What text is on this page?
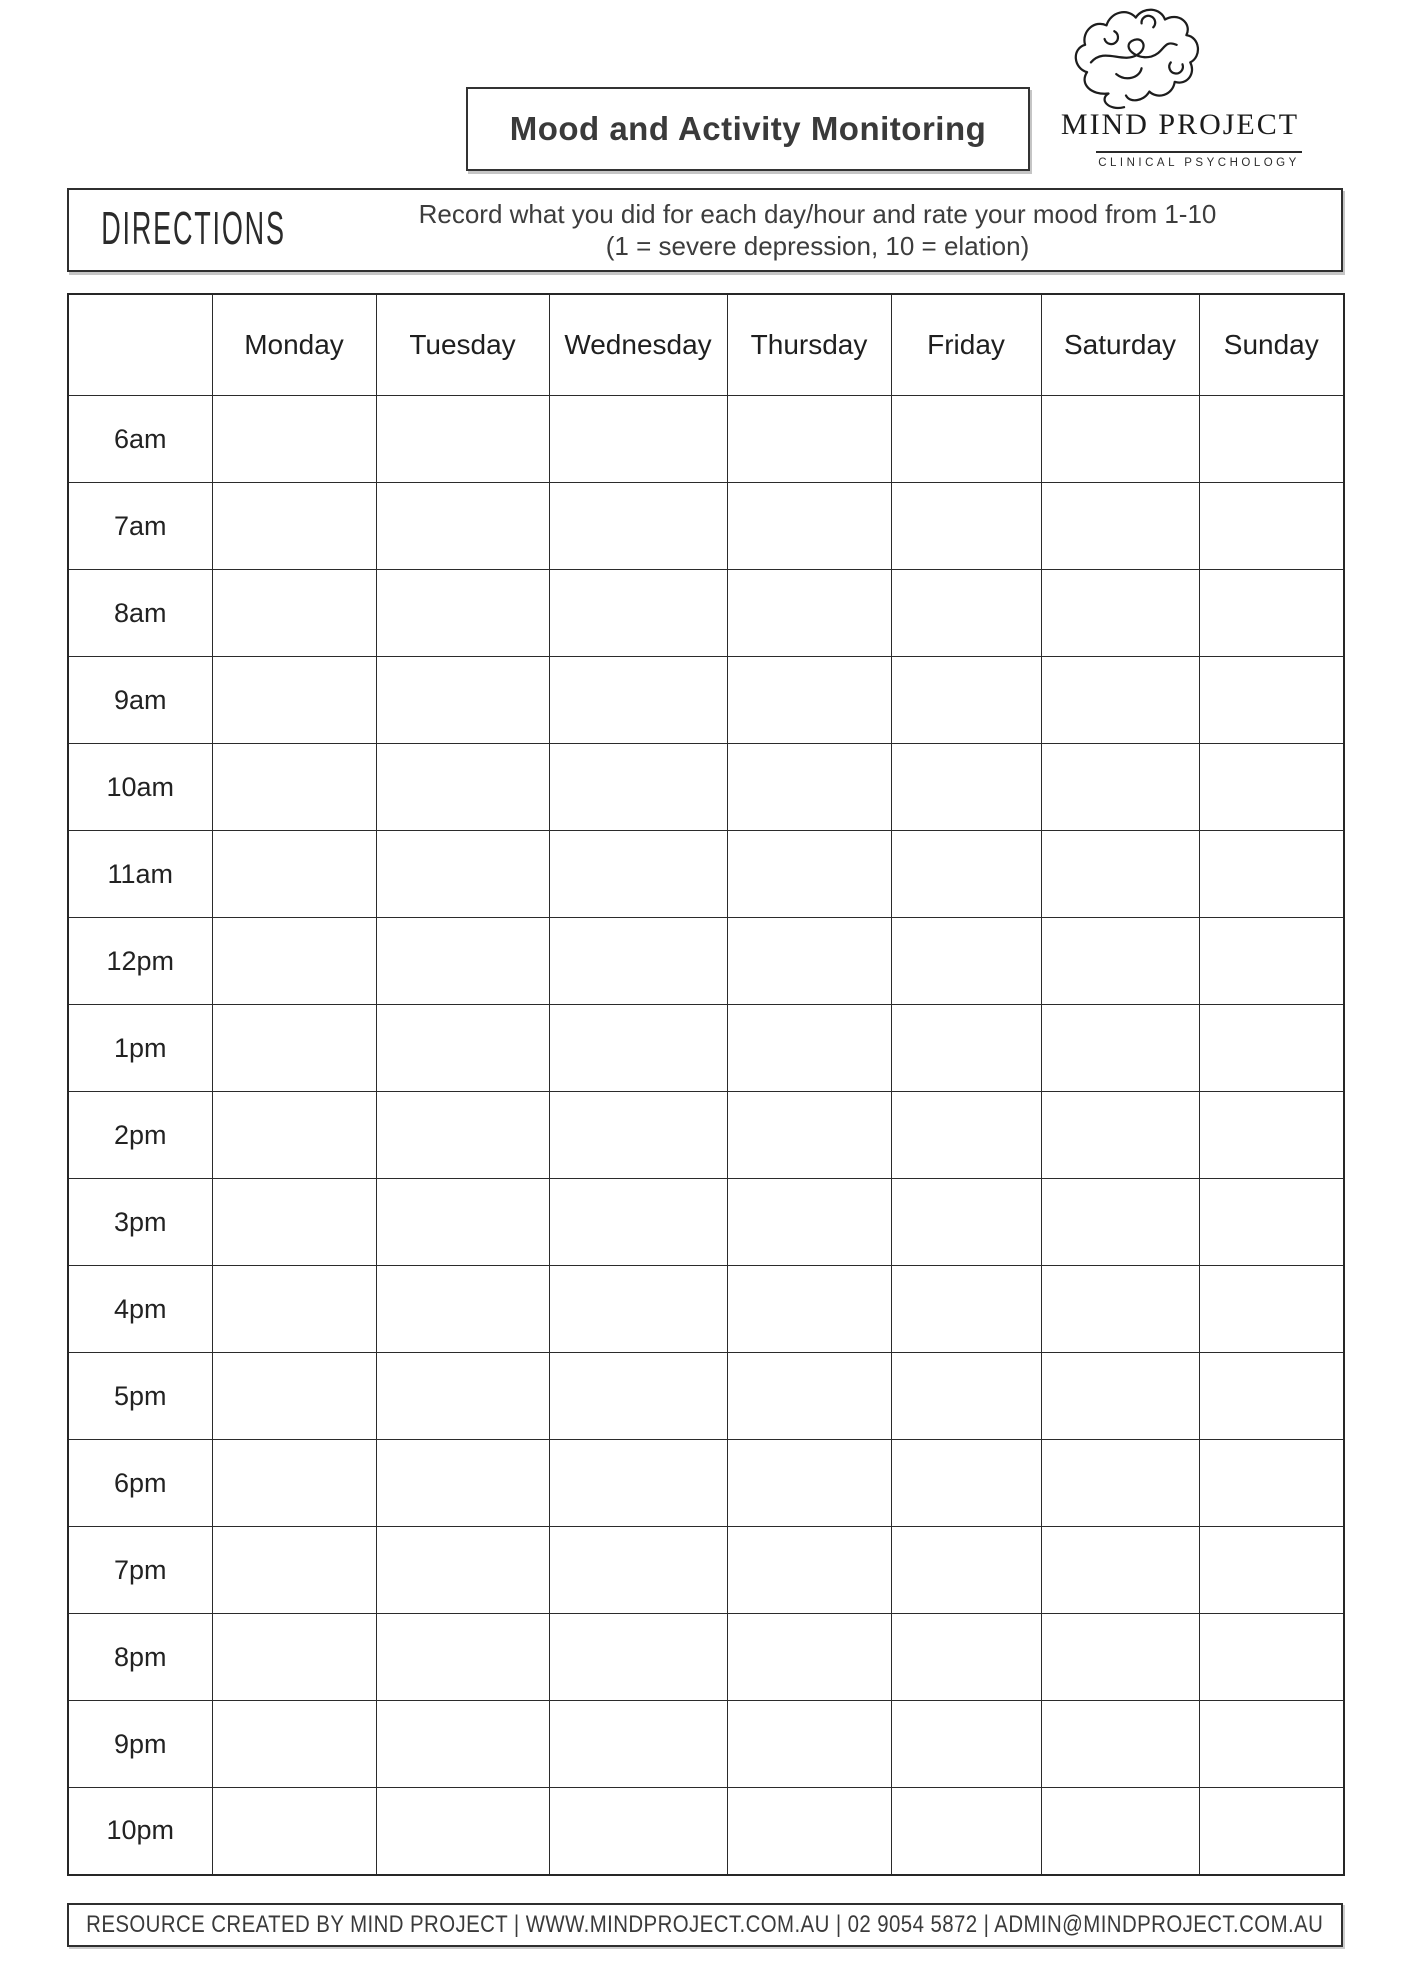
Mood and Activity Monitoring MIND PROJECT
CLINICAL PSYCHOLOGY
DIRECTIONS	Record what you did for each day/hour and rate your mood from 1-10
(1 = severe depression, 10 = elation)
	Monday	Tuesday	Wednesday	Thursday	Friday	Saturday	Sunday
6am							
7am							
8am							
9am							
10am							
11am							
12pm							
1pm							
2pm							
3pm							
4pm							
5pm							
6pm							
7pm							
8pm							
9pm							
10pm							
RESOURCE CREATED BY MIND PROJECT | WWW.MINDPROJECT.COM.AU | 02 9054 5872 | ADMIN@MINDPROJECT.COM.AU
